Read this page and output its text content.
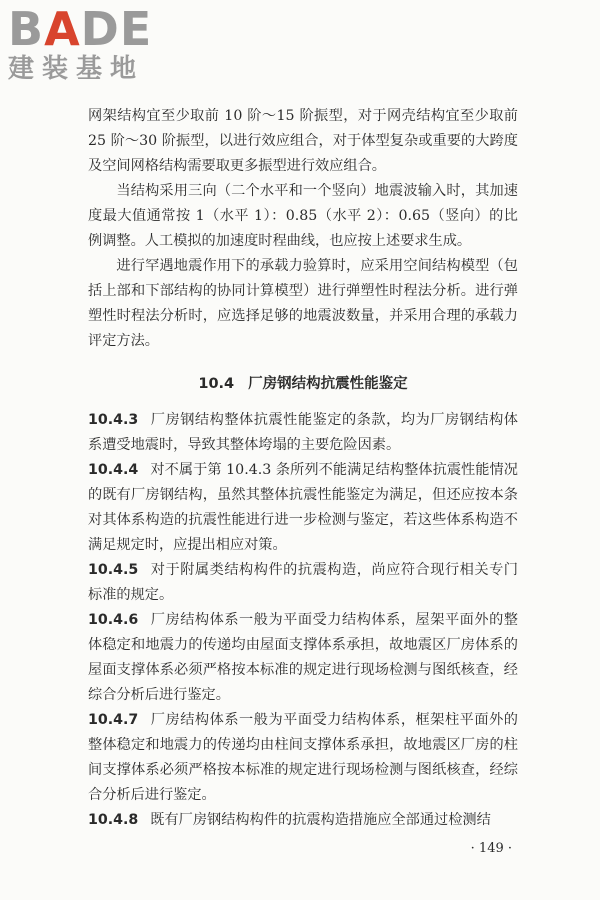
BADE
建装基地

网架结构宜至少取前 10 阶～15 阶振型，对于网壳结构宜至少取前 25 阶～30 阶振型，以进行效应组合，对于体型复杂或重要的大跨度及空间网格结构需要取更多振型进行效应组合。

当结构采用三向（二个水平和一个竖向）地震波输入时，其加速度最大值通常按 1（水平 1）：0.85（水平 2）：0.65（竖向）的比例调整。人工模拟的加速度时程曲线，也应按上述要求生成。

进行罕遇地震作用下的承载力验算时，应采用空间结构模型（包括上部和下部结构的协同计算模型）进行弹塑性时程法分析。进行弹塑性时程法分析时，应选择足够的地震波数量，并采用合理的承载力评定方法。

10.4 厂房钢结构抗震性能鉴定

10.4.3 厂房钢结构整体抗震性能鉴定的条款，均为厂房钢结构体系遭受地震时，导致其整体垮塌的主要危险因素。

10.4.4 对不属于第 10.4.3 条所列不能满足结构整体抗震性能情况的既有厂房钢结构，虽然其整体抗震性能鉴定为满足，但还应按本条对其体系构造的抗震性能进行进一步检测与鉴定，若这些体系构造不满足规定时，应提出相应对策。

10.4.5 对于附属类结构构件的抗震构造，尚应符合现行相关专门标准的规定。

10.4.6 厂房结构体系一般为平面受力结构体系，屋架平面外的整体稳定和地震力的传递均由屋面支撑体系承担，故地震区厂房体系的屋面支撑体系必须严格按本标准的规定进行现场检测与图纸核查，经综合分析后进行鉴定。

10.4.7 厂房结构体系一般为平面受力结构体系，框架柱平面外的整体稳定和地震力的传递均由柱间支撑体系承担，故地震区厂房的柱间支撑体系必须严格按本标准的规定进行现场检测与图纸核查，经综合分析后进行鉴定。

10.4.8 既有厂房钢结构构件的抗震构造措施应全部通过检测结

· 149 ·
